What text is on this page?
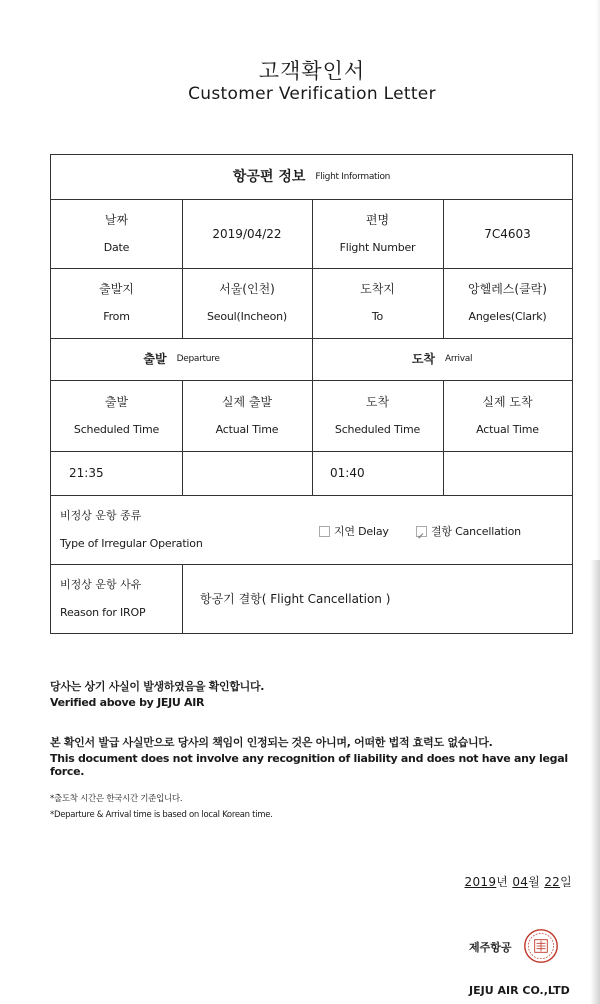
고객확인서
Customer Verification Letter
항공편 정보 Flight Information
날짜
Date
2019/04/22
편명
Flight Number
7C4603
출발지
From
서울(인천)
Seoul(Incheon)
도착지
To
앙헬레스(클락)
Angeles(Clark)
출발 Departure	도착 Arrival
출발
Scheduled Time
실제 출발
Actual Time
도착
Scheduled Time
실제 도착
Actual Time
21:35	01:40
비정상 운항 종류
Type of Irregular Operation
지연 Delay
✔	결항 Cancellation
비정상 운항 사유
Reason for IROP
항공기 결항( Flight Cancellation )
당사는 상기 사실이 발생하였음을 확인합니다.
Verified above by JEJU AIR
본 확인서 발급 사실만으로 당사의 책임이 인정되는 것은 아니며, 어떠한 법적 효력도 없습니다.
This document does not involve any recognition of liability and does not have any legal force.
*출도착 시간은 한국시간 기준입니다.
*Departure & Arrival time is based on local Korean time.
2019년 04월 22일
제주항공
JEJU AIR CO.,LTD
